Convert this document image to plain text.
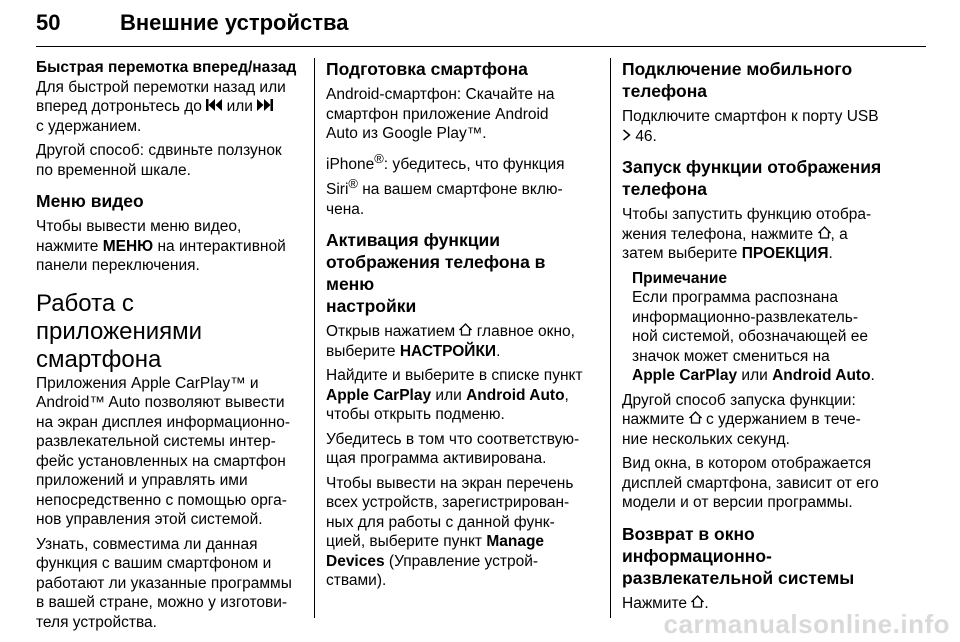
50	Внешние устройства

Быстрая перемотка вперед/назад

Для быстрой перемотки назад или
вперед дотроньтесь до или
с удержанием.

Другой способ: сдвиньте ползунок
по временной шкале.

Меню видео

Чтобы вывести меню видео,
нажмите МЕНЮ на интерактивной
панели переключения.

Работа с приложениями
смартфона

Приложения Apple CarPlay™ и
Android™ Auto позволяют вывести
на экран дисплея информационно-
развлекательной системы интер-
фейс установленных на смартфон
приложений и управлять ими
непосредственно с помощью орга-
нов управления этой системой.

Узнать, совместима ли данная
функция с вашим смартфоном и
работают ли указанные программы
в вашей стране, можно у изготови-
теля устройства.

Подготовка смартфона

Android-смартфон: Скачайте на
смартфон приложение Android
Auto из Google Play™.

iPhone®: убедитесь, что функция
Siri® на вашем смартфоне вклю-
чена.

Активация функции
отображения телефона в меню
настройки

Открыв нажатием главное окно,
выберите НАСТРОЙКИ.

Найдите и выберите в списке пункт
Apple CarPlay или Android Auto,
чтобы открыть подменю.

Убедитесь в том что соответствую-
щая программа активирована.

Чтобы вывести на экран перечень
всех устройств, зарегистрирован-
ных для работы с данной функ-
цией, выберите пункт Manage
Devices (Управление устрой-
ствами).

Подключение мобильного
телефона

Подключите смартфон к порту USB
46.

Запуск функции отображения
телефона

Чтобы запустить функцию отобра-
жения телефона, нажмите , а
затем выберите ПРОЕКЦИЯ.

Примечание

Если программа распознана
информационно-развлекатель-
ной системой, обозначающей ее
значок может смениться на
Apple CarPlay или Android Auto.

Другой способ запуска функции:
нажмите с удержанием в тече-
ние нескольких секунд.

Вид окна, в котором отображается
дисплей смартфона, зависит от его
модели и от версии программы.

Возврат в окно
информационно-
развлекательной системы

Нажмите .

carmanualsonline.info
